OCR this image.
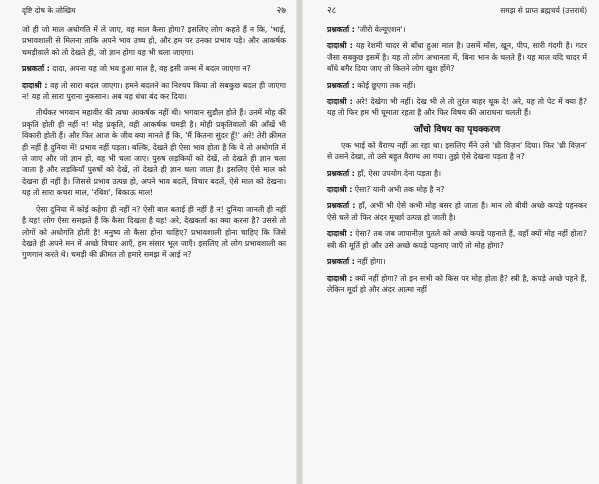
दृष्टि दोष के जोखिम	२७

जो ही जो माल अधोगति में ले जाए, वह माल कैसा होगा? इसलिए लोग कहते हैं न कि, 'भाई, प्रभावशाली से मिलना ताकि अपने भाव उच्च हो, और हम पर उनका प्रभाव पड़े। और आकर्षक चमड़ीवाले को तो देखते ही, जो ज्ञान होगा वह भी चला जाएगा।

प्रश्नकर्ता : दादा, अपना यह जो भव हुआ माल है, वह इसी जन्म में बदल जाएगा न?

दादाश्री : वह तो सारा बदल जाएगा। हमने बदलने का निश्चय किया तो सबकुछ बदल ही जाएगा न! यह तो सारा पुराना नुकसान। अब यह धंधा बंद कर दिया।

तीर्थंकर भगवान महावीर की त्वचा आकर्षक नहीं थी। भगवान सुडौल होते हैं। उनमें मोह की प्रकृति होती ही नहीं न! मोह प्रकृति, वही आकर्षक चमड़ी है। मोही प्रकृतिवालों की आँखें भी विकारी होती हैं। और फिर आज के जीव क्या मानते हैं कि, 'मैं कितना सुंदर हूँ!' अरे! तेरी क्रीमत ही नहीं है दुनिया में! प्रभाव नहीं पड़ता। बल्कि, देखते ही ऐसा भाव होता है कि ये तो अधोगति में ले जाए और जो ज्ञान हो, वह भी चला जाए। पुरुष लड़कियों को देखें, तो देखते ही ज्ञान चला जाता है और लड़कियाँ पुरुषों को देखें, तो देखते ही ज्ञान चला जाता है। इसलिए ऐसे माल को देखना ही नहीं है। जिससे प्रभाव उत्पन्न हो, अपने भाव बदलें, विचार बदलें, ऐसे माल को देखना। यह तो सारा कचरा माल, 'रबिश', बिकाऊ माल!

ऐसा दुनिया में कोई कहेगा ही नहीं न? ऐसी बात बताई ही नहीं है न! दुनिया जानती ही नहीं है यह! लोग ऐसा समझते हैं कि कैसा दिखता है यह! अरे, देखकर्ता का क्या करना है? उससे तो लोगों को अधोगति होती है! मनुष्य तो कैसा होना चाहिए? प्रभावशाली होना चाहिए कि जिसे देखते ही अपने मन में अच्छे विचार आएँ, हम संसार भूल जाएँ। इसलिए तो लोग प्रभावशाली का गुणगान करते थे। चमड़ी की क्रीमत तो हमारे समझ में आई न?

२८	समझ से प्राप्त ब्रह्मचर्य (उत्तरार्ध)

प्रश्नकर्ता : 'जीरो वेल्यूएशन'।

दादाश्री : यह रेशमी चादर से बाँधा हुआ माल है। उसमें माँस, खून, पीप, सारी गंदगी है। गटर जैसा सबकुछ इसमें है। यह तो लोग अभानता में, बिना भान के चलते हैं। यह माल यदि चादर में बाँधे बगैर दिया जाए तो कितने लोग खुश होंगे?

प्रश्नकर्ता : कोई छूएगा तक नहीं।

दादाश्री : अरे! देखेगा भी नहीं। देख भी ले तो तुरंत बाहर थूक दे! अरे, यह तो पेट में क्या है? यह तो फिर हम भी घूमाता रहता है और फिर विषय की आराधना चलती हैं।

जाँचो विषय का पृथक्करण

एक भाई को वैराग्य नहीं आ रहा था। इसलिए मैंने उसे 'थ्री विज़न' दिया। फिर 'थ्री विज़न' से उसने देखा, तो उसे बहुत वैराग्य आ गया। तुझे ऐसे देखना पड़ता है न?

प्रश्नकर्ता : हाँ, ऐसा उपयोग देना पड़ता है।

दादाश्री : ऐसा? यानी अभी तक मोह है न?

प्रश्नकर्ता : हाँ, अभी भी ऐसे कभी मोह बसर हो जाता है। मान लो बीवी अच्छे कपड़े पहनकर ऐसे चले तो फिर अंदर मूर्च्छा उत्पन्न हो जाती है।

दादाश्री : ऐसा? तब जब जापानीज़ पुतले को अच्छे कपड़े पहनाते हैं, वहाँ क्यों मोह नहीं होता? स्त्री की मूर्ति हो और उसे अच्छे कपड़े पहनाए जाएँ तो मोह होगा?

प्रश्नकर्ता : नहीं होगा।

दादाश्री : क्यों नहीं होगा? तो इन सभी को किस पर मोह होता है? स्त्री है, कपड़े अच्छे पहने हैं, लेकिन मूर्दा हो और अंदर आत्मा नहीं
